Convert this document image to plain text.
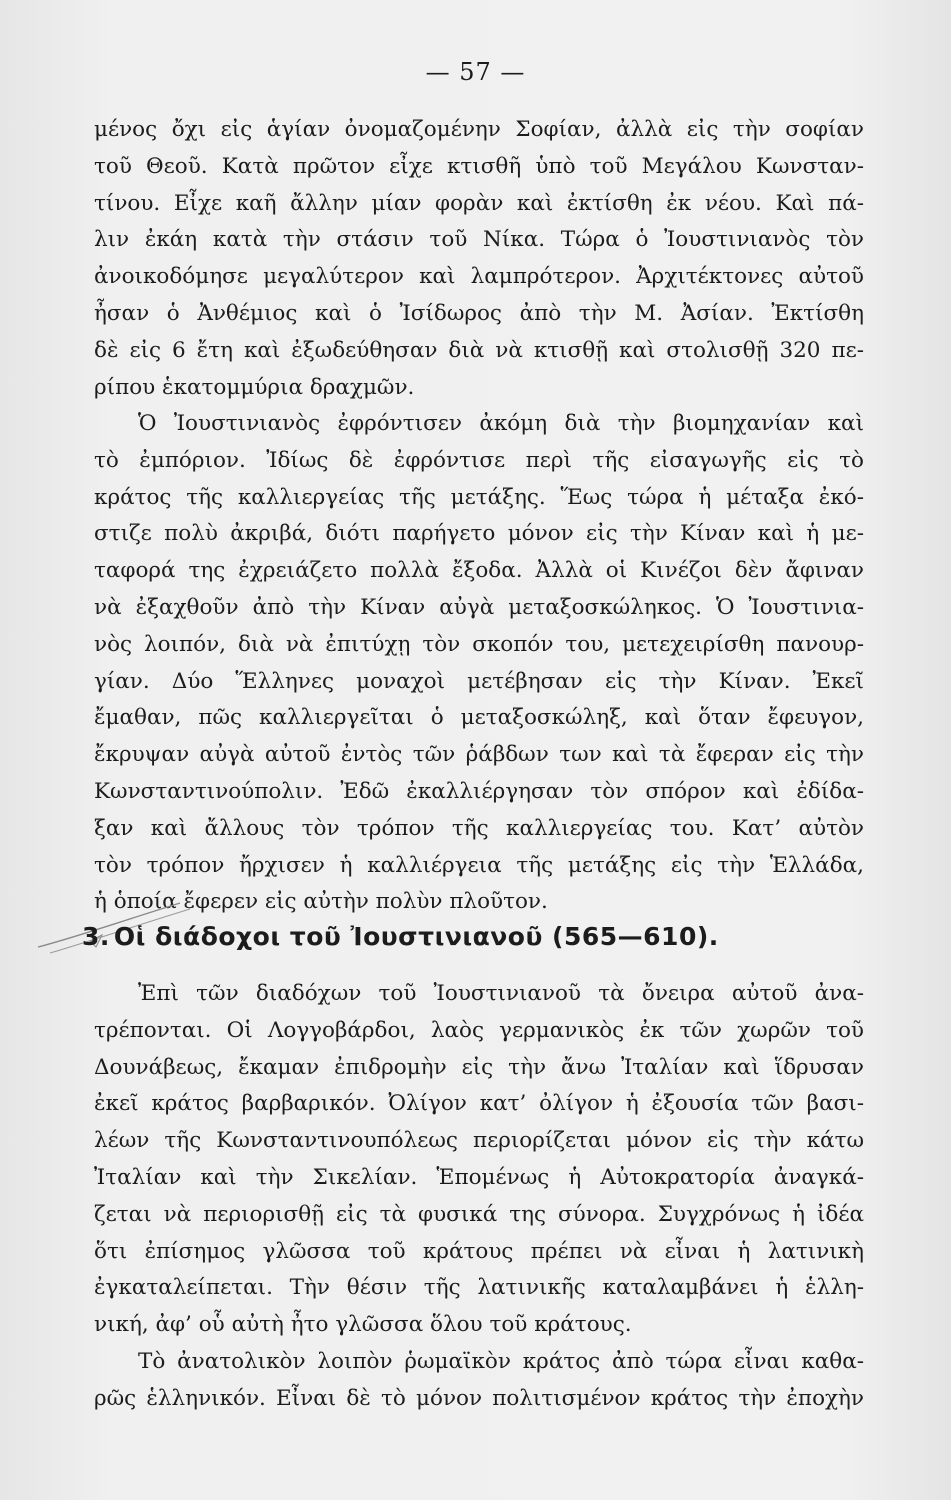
— 57 —
μένος ὄχι εἰς ἁγίαν ὀνομαζομένην Σοφίαν, ἀλλὰ εἰς τὴν σοφίαν
τοῦ Θεοῦ. Κατὰ πρῶτον εἶχε κτισθῆ ὑπὸ τοῦ Μεγάλου Κωνσταν-
τίνου. Εἶχε καῆ ἄλλην μίαν φορὰν καὶ ἐκτίσθη ἐκ νέου. Καὶ πά-
λιν ἐκάη κατὰ τὴν στάσιν τοῦ Νίκα. Τώρα ὁ Ἰουστινιανὸς τὸν
ἀνοικοδόμησε μεγαλύτερον καὶ λαμπρότερον. Ἀρχιτέκτονες αὐτοῦ
ἦσαν ὁ Ἀνθέμιος καὶ ὁ Ἰσίδωρος ἀπὸ τὴν Μ. Ἀσίαν. Ἐκτίσθη
δὲ εἰς 6 ἔτη καὶ ἐξωδεύθησαν διὰ νὰ κτισθῇ καὶ στολισθῇ 320 πε-
ρίπου ἑκατομμύρια δραχμῶν.
Ὁ Ἰουστινιανὸς ἐφρόντισεν ἀκόμη διὰ τὴν βιομηχανίαν καὶ
τὸ ἐμπόριον. Ἰδίως δὲ ἐφρόντισε περὶ τῆς εἰσαγωγῆς εἰς τὸ
κράτος τῆς καλλιεργείας τῆς μετάξης. Ἕως τώρα ἡ μέταξα ἐκό-
στιζε πολὺ ἀκριβά, διότι παρήγετο μόνον εἰς τὴν Κίναν καὶ ἡ με-
ταφορά της ἐχρειάζετο πολλὰ ἔξοδα. Ἀλλὰ οἱ Κινέζοι δὲν ἄφιναν
νὰ ἐξαχθοῦν ἀπὸ τὴν Κίναν αὐγὰ μεταξοσκώληκος. Ὁ Ἰουστινια-
νὸς λοιπόν, διὰ νὰ ἐπιτύχῃ τὸν σκοπόν του, μετεχειρίσθη πανουρ-
γίαν. Δύο Ἕλληνες μοναχοὶ μετέβησαν εἰς τὴν Κίναν. Ἐκεῖ
ἔμαθαν, πῶς καλλιεργεῖται ὁ μεταξοσκώληξ, καὶ ὅταν ἔφευγον,
ἔκρυψαν αὐγὰ αὐτοῦ ἐντὸς τῶν ῥάβδων των καὶ τὰ ἔφεραν εἰς τὴν
Κωνσταντινούπολιν. Ἐδῶ ἐκαλλιέργησαν τὸν σπόρον καὶ ἐδίδα-
ξαν καὶ ἄλλους τὸν τρόπον τῆς καλλιεργείας του. Κατ’ αὐτὸν
τὸν τρόπον ἤρχισεν ἡ καλλιέργεια τῆς μετάξης εἰς τὴν Ἑλλάδα,
ἡ ὁποία ἔφερεν εἰς αὐτὴν πολὺν πλοῦτον.
3. Οἱ διάδοχοι τοῦ Ἰουστινιανοῦ (565—610).
Ἐπὶ τῶν διαδόχων τοῦ Ἰουστινιανοῦ τὰ ὄνειρα αὐτοῦ ἀνα-
τρέπονται. Οἱ Λογγοβάρδοι, λαὸς γερμανικὸς ἐκ τῶν χωρῶν τοῦ
Δουνάβεως, ἔκαμαν ἐπιδρομὴν εἰς τὴν ἄνω Ἰταλίαν καὶ ἵδρυσαν
ἐκεῖ κράτος βαρβαρικόν. Ὀλίγον κατ’ ὀλίγον ἡ ἐξουσία τῶν βασι-
λέων τῆς Κωνσταντινουπόλεως περιορίζεται μόνον εἰς τὴν κάτω
Ἰταλίαν καὶ τὴν Σικελίαν. Ἑπομένως ἡ Αὐτοκρατορία ἀναγκά-
ζεται νὰ περιορισθῇ εἰς τὰ φυσικά της σύνορα. Συγχρόνως ἡ ἰδέα
ὅτι ἐπίσημος γλῶσσα τοῦ κράτους πρέπει νὰ εἶναι ἡ λατινικὴ
ἐγκαταλείπεται. Τὴν θέσιν τῆς λατινικῆς καταλαμβάνει ἡ ἑλλη-
νική, ἀφ’ οὗ αὐτὴ ἦτο γλῶσσα ὅλου τοῦ κράτους.
Τὸ ἀνατολικὸν λοιπὸν ῥωμαϊκὸν κράτος ἀπὸ τώρα εἶναι καθα-
ρῶς ἑλληνικόν. Εἶναι δὲ τὸ μόνον πολιτισμένον κράτος τὴν ἐποχὴν
